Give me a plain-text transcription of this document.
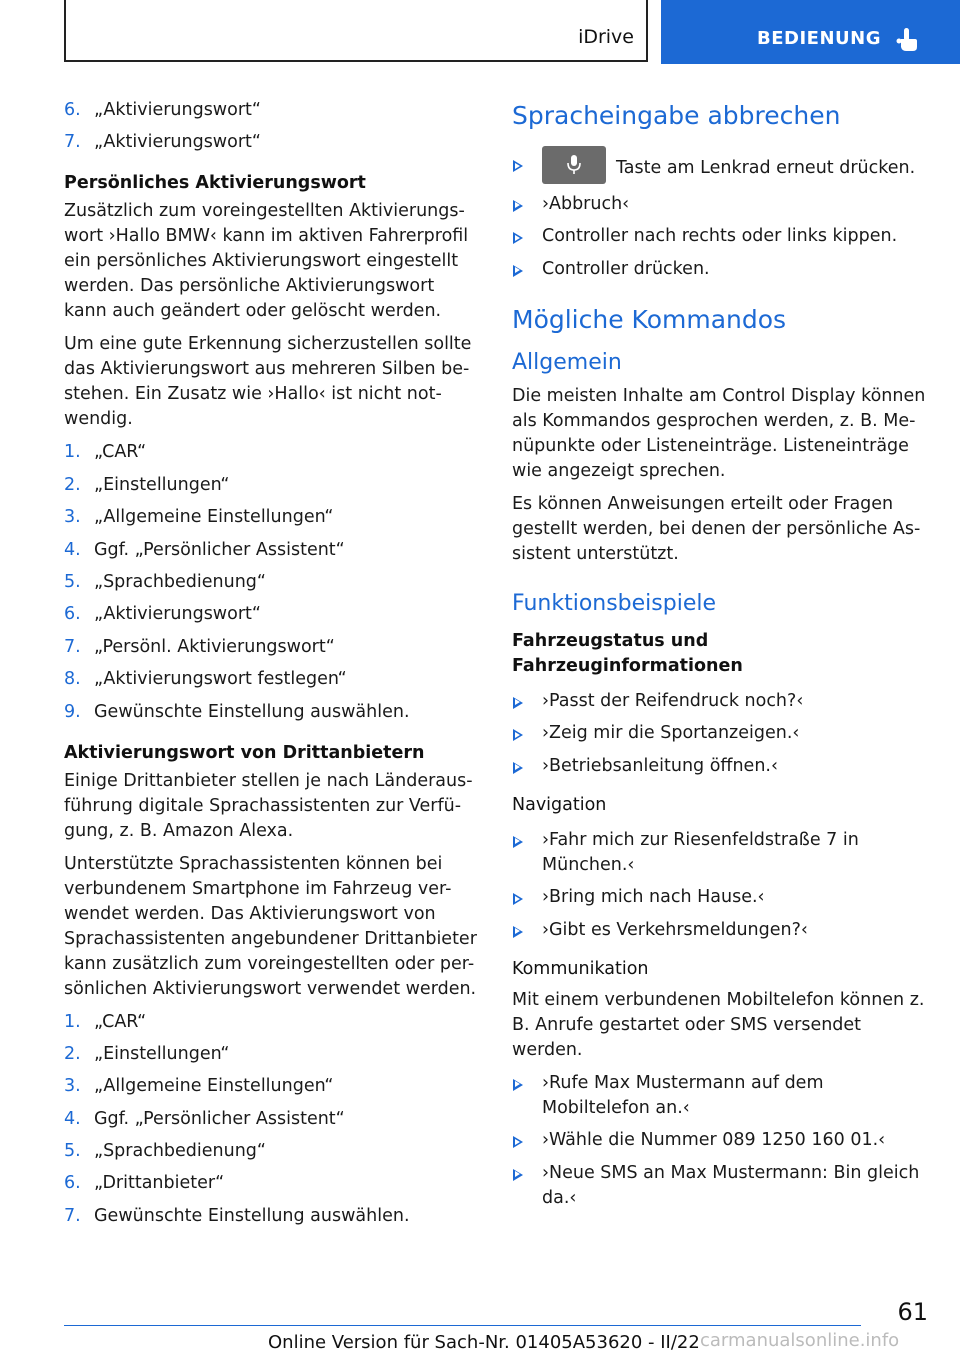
iDrive	BEDIENUNG
6. „Aktivierungswort“
7. „Aktivierungswort“
Persönliches Aktivierungswort

Zusätzlich zum voreingestellten Aktivierungs-wort ›Hallo BMW‹ kann im aktiven Fahrerprofil ein persönliches Aktivierungswort eingestellt werden. Das persönliche Aktivierungswort kann auch geändert oder gelöscht werden.

Um eine gute Erkennung sicherzustellen sollte das Aktivierungswort aus mehreren Silben be-stehen. Ein Zusatz wie ›Hallo‹ ist nicht not-wendig.

1. „CAR“
2. „Einstellungen“
3. „Allgemeine Einstellungen“
4. Ggf. „Persönlicher Assistent“
5. „Sprachbedienung“
6. „Aktivierungswort“
7. „Persönl. Aktivierungswort“
8. „Aktivierungswort festlegen“
9. Gewünschte Einstellung auswählen.
Aktivierungswort von Drittanbietern

Einige Drittanbieter stellen je nach Länderaus-führung digitale Sprachassistenten zur Verfü-gung, z. B. Amazon Alexa.

Unterstützte Sprachassistenten können bei verbundenem Smartphone im Fahrzeug ver-wendet werden. Das Aktivierungswort von Sprachassistenten angebundener Drittanbieter kann zusätzlich zum voreingestellten oder per-sönlichen Aktivierungswort verwendet werden.

1. „CAR“
2. „Einstellungen“
3. „Allgemeine Einstellungen“
4. Ggf. „Persönlicher Assistent“
5. „Sprachbedienung“
6. „Drittanbieter“
7. Gewünschte Einstellung auswählen.
Spracheingabe abbrechen
Taste am Lenkrad erneut drücken.
›Abbruch‹
Controller nach rechts oder links kippen.
Controller drücken.
Mögliche Kommandos
Allgemein

Die meisten Inhalte am Control Display können als Kommandos gesprochen werden, z. B. Me-nüpunkte oder Listeneinträge. Listeneinträge wie angezeigt sprechen.

Es können Anweisungen erteilt oder Fragen gestellt werden, bei denen der persönliche As-sistent unterstützt.

Funktionsbeispiele
Fahrzeugstatus und Fahrzeuginformationen
›Passt der Reifendruck noch?‹
›Zeig mir die Sportanzeigen.‹
›Betriebsanleitung öffnen.‹
Navigation
›Fahr mich zur Riesenfeldstraße 7 in München.‹
›Bring mich nach Hause.‹
›Gibt es Verkehrsmeldungen?‹
Kommunikation

Mit einem verbundenen Mobiltelefon können z. B. Anrufe gestartet oder SMS versendet werden.

›Rufe Max Mustermann auf dem Mobiltelefon an.‹
›Wähle die Nummer 089 1250 160 01.‹
›Neue SMS an Max Mustermann: Bin gleich da.‹
61
Online Version für Sach-Nr. 01405A53620 - II/22 carmanualsonline.info
